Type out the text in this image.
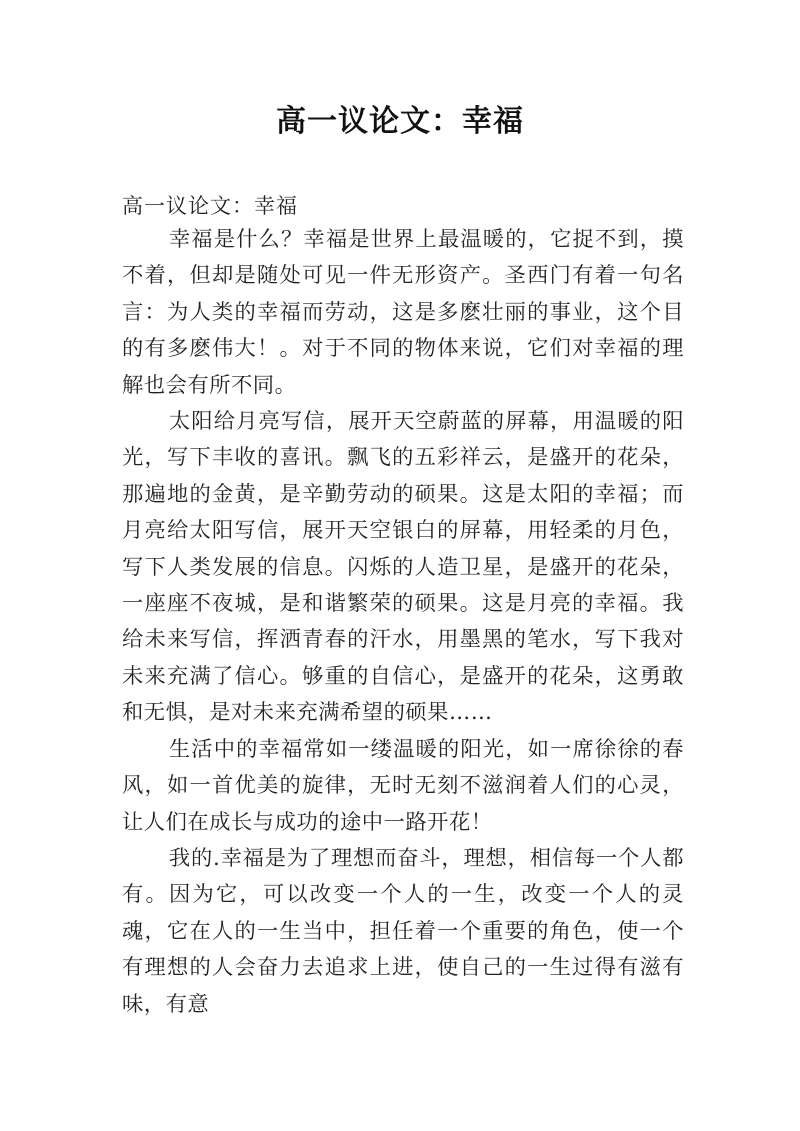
高一议论文：幸福
高一议论文：幸福

幸福是什么？幸福是世界上最温暖的，它捉不到，摸不着，但却是随处可见一件无形资产。圣西门有着一句名言：为人类的幸福而劳动，这是多麽壮丽的事业，这个目的有多麽伟大！。对于不同的物体来说，它们对幸福的理解也会有所不同。

太阳给月亮写信，展开天空蔚蓝的屏幕，用温暖的阳光，写下丰收的喜讯。飘飞的五彩祥云，是盛开的花朵，那遍地的金黄，是辛勤劳动的硕果。这是太阳的幸福；而月亮给太阳写信，展开天空银白的屏幕，用轻柔的月色，写下人类发展的信息。闪烁的人造卫星，是盛开的花朵，一座座不夜城，是和谐繁荣的硕果。这是月亮的幸福。我给未来写信，挥洒青春的汗水，用墨黑的笔水，写下我对未来充满了信心。够重的自信心，是盛开的花朵，这勇敢和无惧，是对未来充满希望的硕果……

生活中的幸福常如一缕温暖的阳光，如一席徐徐的春风，如一首优美的旋律，无时无刻不滋润着人们的心灵，让人们在成长与成功的途中一路开花！

我的.幸福是为了理想而奋斗，理想，相信每一个人都有。因为它，可以改变一个人的一生，改变一个人的灵魂，它在人的一生当中，担任着一个重要的角色，使一个有理想的人会奋力去追求上进，使自己的一生过得有滋有味，有意
